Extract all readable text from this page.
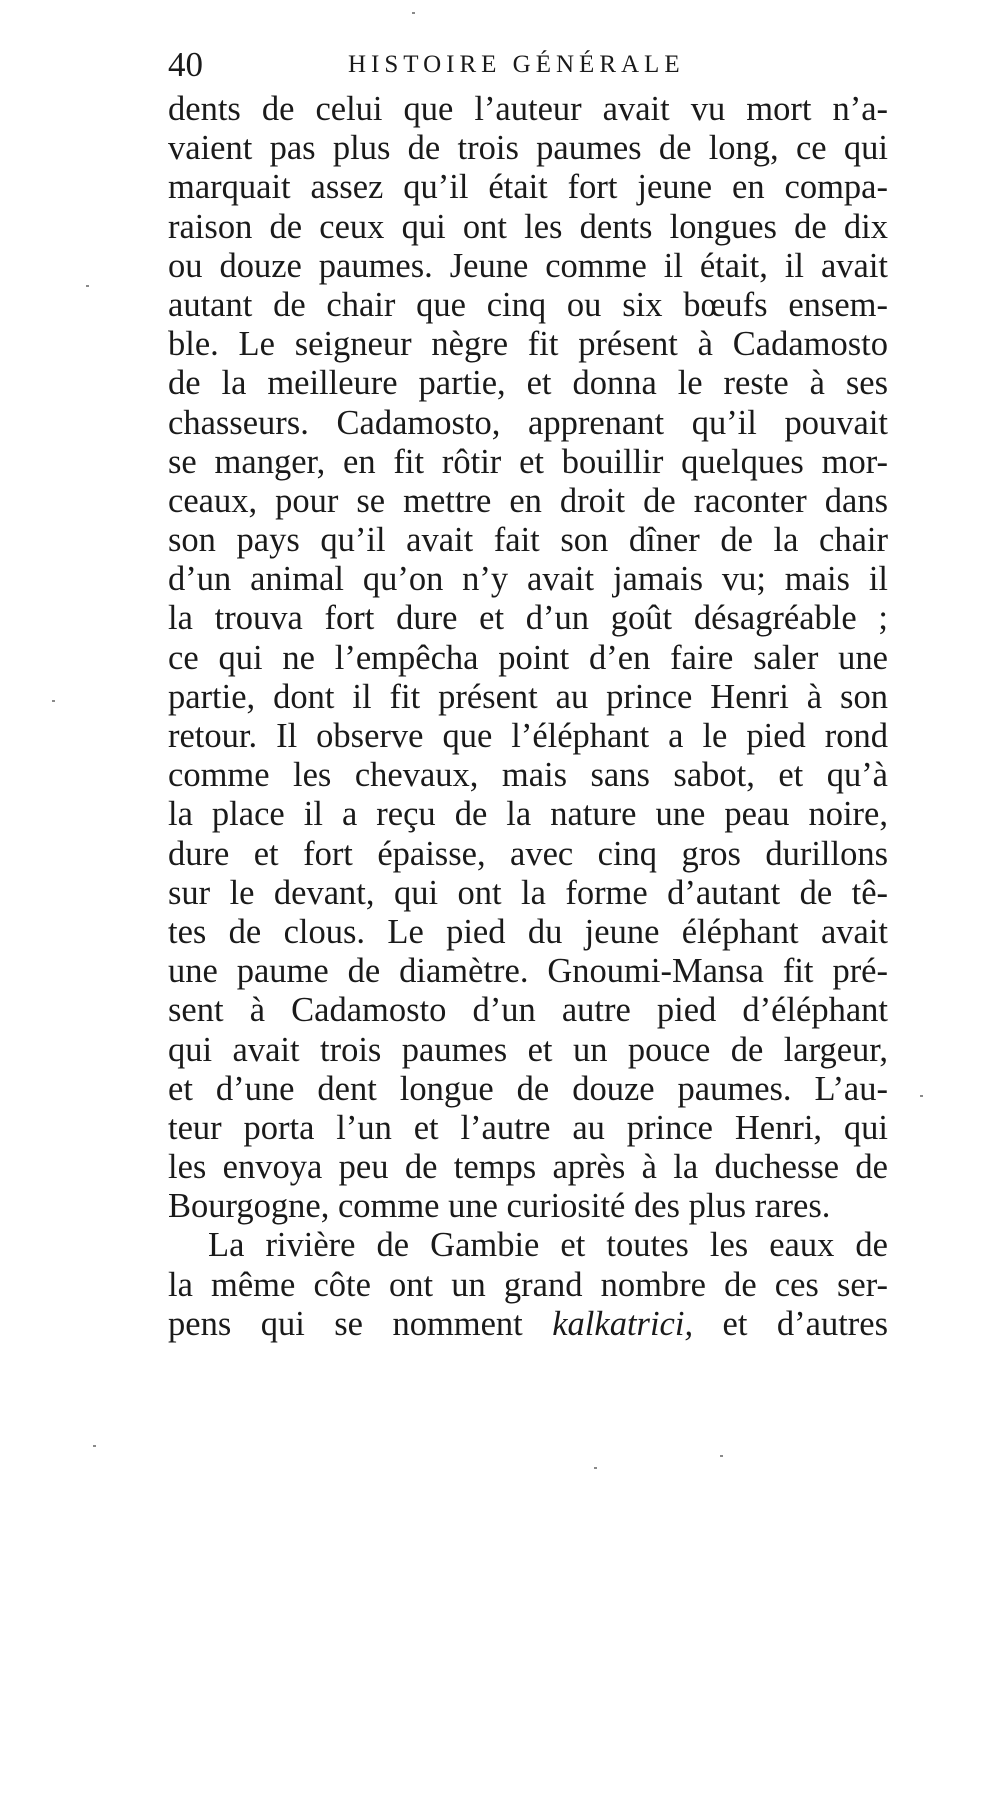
40	HISTOIRE GÉNÉRALE
dents de celui que l’auteur avait vu mort n’a-
vaient pas plus de trois paumes de long, ce qui
marquait assez qu’il était fort jeune en compa-
raison de ceux qui ont les dents longues de dix
ou douze paumes. Jeune comme il était, il avait
autant de chair que cinq ou six bœufs ensem-
ble. Le seigneur nègre fit présent à Cadamosto
de la meilleure partie, et donna le reste à ses
chasseurs. Cadamosto, apprenant qu’il pouvait
se manger, en fit rôtir et bouillir quelques mor-
ceaux, pour se mettre en droit de raconter dans
son pays qu’il avait fait son dîner de la chair
d’un animal qu’on n’y avait jamais vu; mais il
la trouva fort dure et d’un goût désagréable ;
ce qui ne l’empêcha point d’en faire saler une
partie, dont il fit présent au prince Henri à son
retour. Il observe que l’éléphant a le pied rond
comme les chevaux, mais sans sabot, et qu’à
la place il a reçu de la nature une peau noire,
dure et fort épaisse, avec cinq gros durillons
sur le devant, qui ont la forme d’autant de tê-
tes de clous. Le pied du jeune éléphant avait
une paume de diamètre. Gnoumi-Mansa fit pré-
sent à Cadamosto d’un autre pied d’éléphant
qui avait trois paumes et un pouce de largeur,
et d’une dent longue de douze paumes. L’au-
teur porta l’un et l’autre au prince Henri, qui
les envoya peu de temps après à la duchesse de
Bourgogne, comme une curiosité des plus rares.
La rivière de Gambie et toutes les eaux de
la même côte ont un grand nombre de ces ser-
pens qui se nomment kalkatrici, et d’autres
